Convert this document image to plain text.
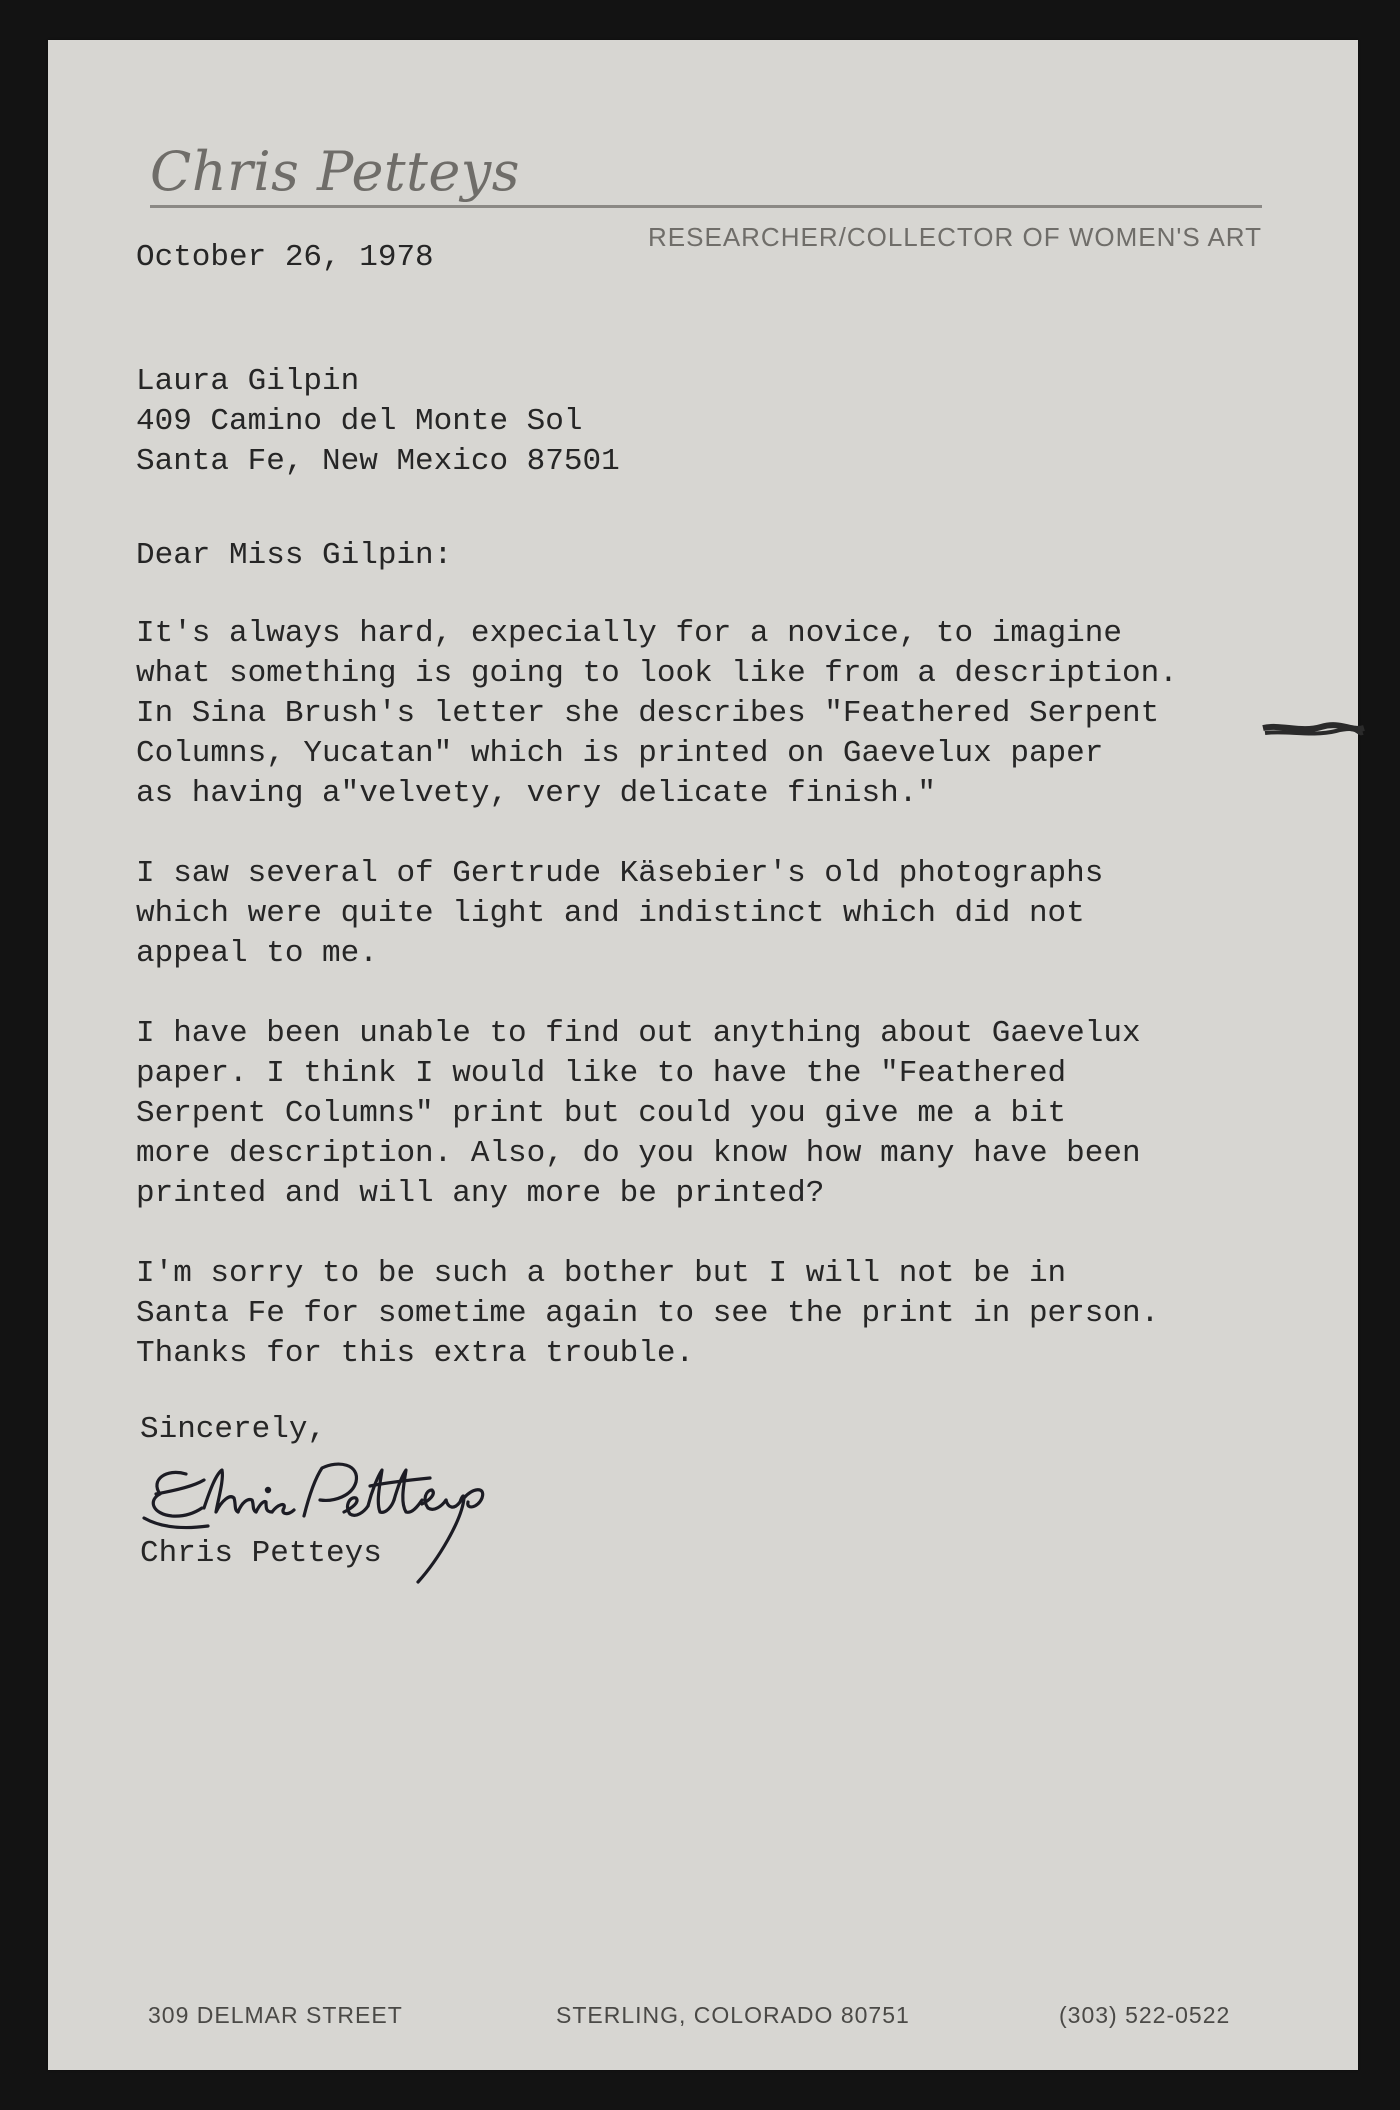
Chris Petteys
RESEARCHER/COLLECTOR OF WOMEN'S ART
October 26, 1978
Laura Gilpin
409 Camino del Monte Sol
Santa Fe, New Mexico 87501
Dear Miss Gilpin:
It's always hard, expecially for a novice, to imagine
what something is going to look like from a description.
In Sina Brush's letter she describes "Feathered Serpent
Columns, Yucatan" which is printed on Gaevelux paper
as having a"velvety, very delicate finish."
I saw several of Gertrude Käsebier's old photographs
which were quite light and indistinct which did not
appeal to me.
I have been unable to find out anything about Gaevelux
paper. I think I would like to have the "Feathered
Serpent Columns" print but could you give me a bit
more description. Also, do you know how many have been
printed and will any more be printed?
I'm sorry to be such a bother but I will not be in
Santa Fe for sometime again to see the print in person.
Thanks for this extra trouble.
Sincerely,
Chris Petteys
309 DELMAR STREET	STERLING, COLORADO 80751	(303) 522-0522
